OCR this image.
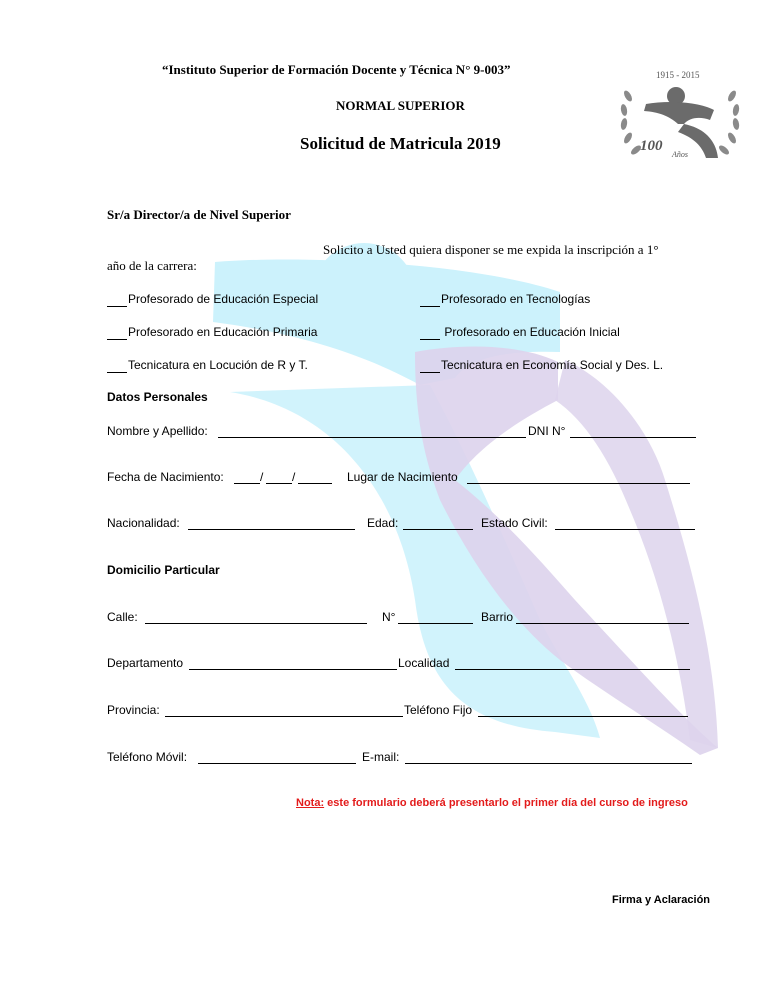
“Instituto Superior de Formación Docente y Técnica N° 9-003”
NORMAL SUPERIOR
Solicitud de Matricula 2019
1915 - 2015
100
Años
Sr/a Director/a de Nivel Superior
Solicito a Usted quiera disponer se me expida la inscripción a 1°
año de la carrera:
Profesorado de Educación Especial	Profesorado en Tecnologías
Profesorado en Educación Primaria	Profesorado en Educación Inicial
Tecnicatura en Locución de R y T.	Tecnicatura en Economía Social y Des. L.
Datos Personales
Nombre y Apellido:	DNI N°
Fecha de Nacimiento:	/ /	Lugar de Nacimiento
Nacionalidad:	Edad:	Estado Civil:
Domicilio Particular
Calle:	N°	Barrio
Departamento	Localidad
Provincia:	Teléfono Fijo
Teléfono Móvil:	E-mail:
Nota: este formulario deberá presentarlo el primer día del curso de ingreso
Firma y Aclaración
